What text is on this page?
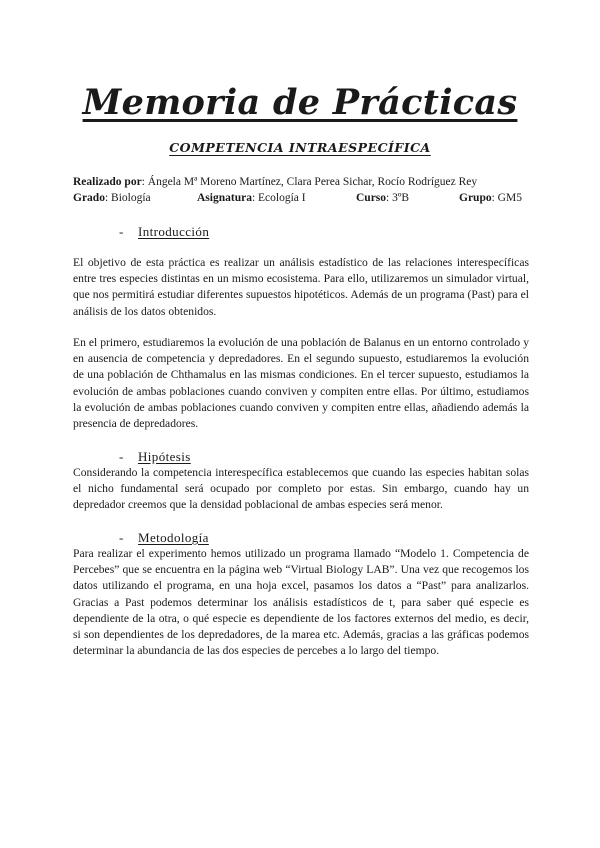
Memoria de Prácticas
COMPETENCIA INTRAESPECÍFICA
Realizado por: Ángela Mª Moreno Martínez, Clara Perea Sichar, Rocío Rodríguez Rey
Grado: Biología	Asignatura: Ecología I	Curso: 3ºB	Grupo: GM5
- Introducción

El objetivo de esta práctica es realizar un análisis estadístico de las relaciones interespecíficas entre tres especies distintas en un mismo ecosistema. Para ello, utilizaremos un simulador virtual, que nos permitirá estudiar diferentes supuestos hipotéticos. Además de un programa (Past) para el análisis de los datos obtenidos.

En el primero, estudiaremos la evolución de una población de Balanus en un entorno controlado y en ausencia de competencia y depredadores. En el segundo supuesto, estudiaremos la evolución de una población de Chthamalus en las mismas condiciones. En el tercer supuesto, estudiamos la evolución de ambas poblaciones cuando conviven y compiten entre ellas. Por último, estudiamos la evolución de ambas poblaciones cuando conviven y compiten entre ellas, añadiendo además la presencia de depredadores.

- Hipótesis

Considerando la competencia interespecífica establecemos que cuando las especies habitan solas el nicho fundamental será ocupado por completo por estas. Sin embargo, cuando hay un depredador creemos que la densidad poblacional de ambas especies será menor.

- Metodología

Para realizar el experimento hemos utilizado un programa llamado “Modelo 1. Competencia de Percebes” que se encuentra en la página web “Virtual Biology LAB”. Una vez que recogemos los datos utilizando el programa, en una hoja excel, pasamos los datos a “Past” para analizarlos. Gracias a Past podemos determinar los análisis estadísticos de t, para saber qué especie es dependiente de la otra, o qué especie es dependiente de los factores externos del medio, es decir, si son dependientes de los depredadores, de la marea etc. Además, gracias a las gráficas podemos determinar la abundancia de las dos especies de percebes a lo largo del tiempo.
